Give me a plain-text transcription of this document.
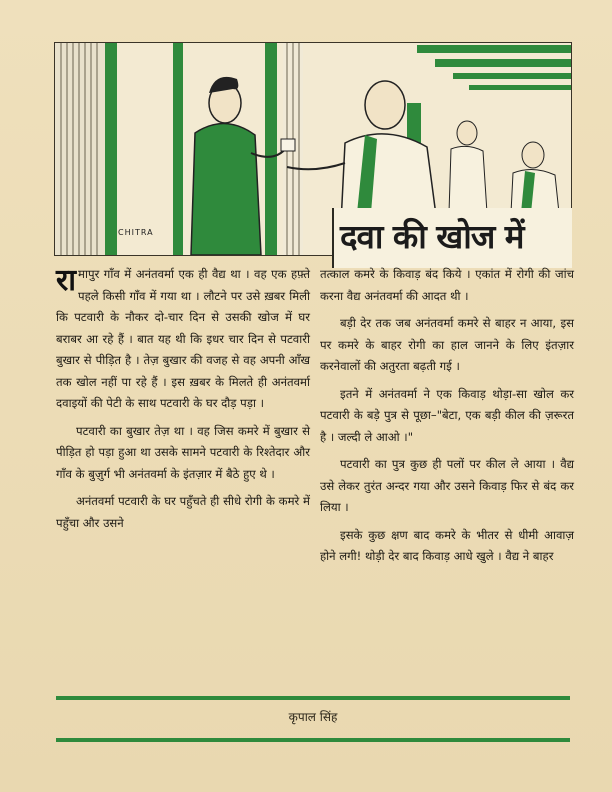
CHITRA	दवा की खोज में

रामापुर गाँव में अनंतवर्मा एक ही वैद्य था । वह एक हफ़्ते पहले किसी गाँव में गया था । लौटने पर उसे ख़बर मिली कि पटवारी के नौकर दो-चार दिन से उसकी खोज में घर बराबर आ रहे हैं । बात यह थी कि इधर चार दिन से पटवारी बुखार से पीड़ित है । तेज़ बुखार की वजह से वह अपनी आँख तक खोल नहीं पा रहे हैं । इस ख़बर के मिलते ही अनंतवर्मा दवाइयों की पेटी के साथ पटवारी के घर दौड़ पड़ा ।

पटवारी का बुखार तेज़ था । वह जिस कमरे में बुखार से पीड़ित हो पड़ा हुआ था उसके सामने पटवारी के रिश्तेदार और गाँव के बुज़ुर्ग भी अनंतवर्मा के इंतज़ार में बैठे हुए थे ।

अनंतवर्मा पटवारी के घर पहुँचते ही सीधे रोगी के कमरे में पहुँचा और उसने

तत्काल कमरे के किवाड़ बंद किये । एकांत में रोगी की जांच करना वैद्य अनंतवर्मा की आदत थी ।

बड़ी देर तक जब अनंतवर्मा कमरे से बाहर न आया, इस पर कमरे के बाहर रोगी का हाल जानने के लिए इंतज़ार करनेवालों की अतुरता बढ़ती गई ।

इतने में अनंतवर्मा ने एक किवाड़ थोड़ा-सा खोल कर पटवारी के बड़े पुत्र से पूछा–"बेटा, एक बड़ी कील की ज़रूरत है । जल्दी ले आओ ।"

पटवारी का पुत्र कुछ ही पलों पर कील ले आया । वैद्य उसे लेकर तुरंत अन्दर गया और उसने किवाड़ फिर से बंद कर लिया ।

इसके कुछ क्षण बाद कमरे के भीतर से धीमी आवाज़ होने लगी! थोड़ी देर बाद किवाड़ आधे खुले । वैद्य ने बाहर

कृपाल सिंह
